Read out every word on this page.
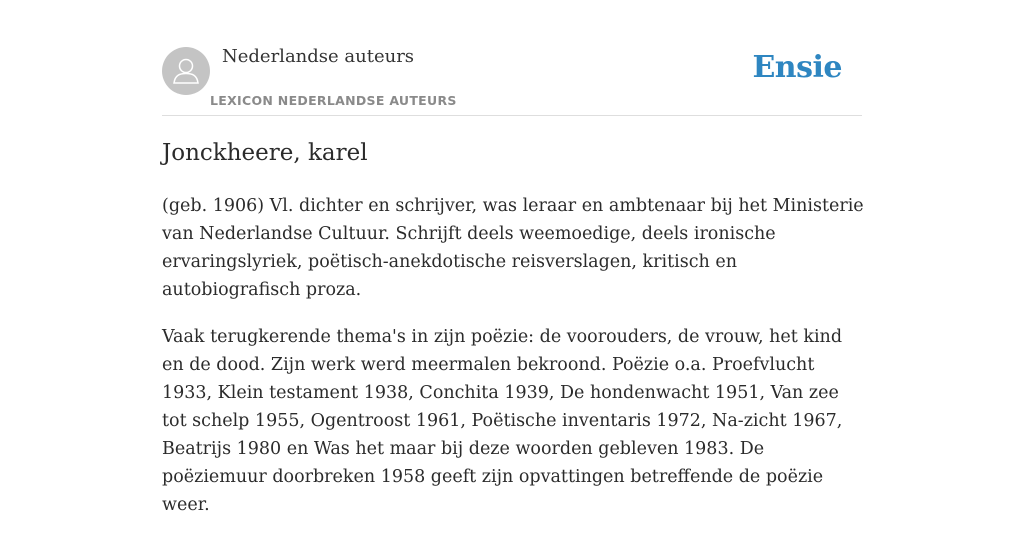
Nederlandse auteurs
LEXICON NEDERLANDSE AUTEURS
Ensie
Jonckheere, karel

(geb. 1906) Vl. dichter en schrijver, was leraar en ambtenaar bij het Ministerie van Nederlandse Cultuur. Schrijft deels weemoedige, deels ironische ervaringslyriek, poëtisch-anekdotische reisverslagen, kritisch en autobiografisch proza.

Vaak terugkerende thema's in zijn poëzie: de voorouders, de vrouw, het kind en de dood. Zijn werk werd meermalen bekroond. Poëzie o.a. Proefvlucht 1933, Klein testament 1938, Conchita 1939, De hondenwacht 1951, Van zee tot schelp 1955, Ogentroost 1961, Poëtische inventaris 1972, Na-zicht 1967, Beatrijs 1980 en Was het maar bij deze woorden gebleven 1983. De poëziemuur doorbreken 1958 geeft zijn opvattingen betreffende de poëzie weer.
